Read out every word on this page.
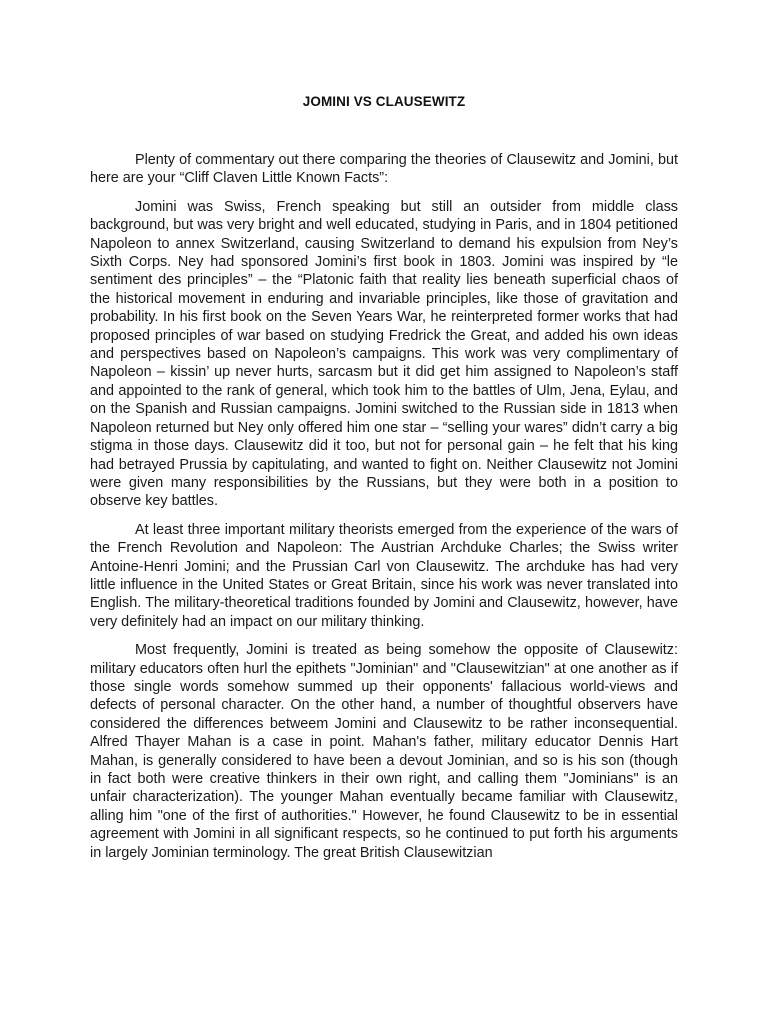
JOMINI VS CLAUSEWITZ

Plenty of commentary out there comparing the theories of Clausewitz and Jomini, but here are your “Cliff Claven Little Known Facts”:

Jomini was Swiss, French speaking but still an outsider from middle class background, but was very bright and well educated, studying in Paris, and in 1804 petitioned Napoleon to annex Switzerland, causing Switzerland to demand his expulsion from Ney’s Sixth Corps. Ney had sponsored Jomini’s first book in 1803. Jomini was inspired by “le sentiment des principles” – the “Platonic faith that reality lies beneath superficial chaos of the historical movement in enduring and invariable principles, like those of gravitation and probability. In his first book on the Seven Years War, he reinterpreted former works that had proposed principles of war based on studying Fredrick the Great, and added his own ideas and perspectives based on Napoleon’s campaigns. This work was very complimentary of Napoleon – kissin’ up never hurts, sarcasm but it did get him assigned to Napoleon’s staff and appointed to the rank of general, which took him to the battles of Ulm, Jena, Eylau, and on the Spanish and Russian campaigns. Jomini switched to the Russian side in 1813 when Napoleon returned but Ney only offered him one star – “selling your wares” didn’t carry a big stigma in those days. Clausewitz did it too, but not for personal gain – he felt that his king had betrayed Prussia by capitulating, and wanted to fight on. Neither Clausewitz not Jomini were given many responsibilities by the Russians, but they were both in a position to observe key battles.

At least three important military theorists emerged from the experience of the wars of the French Revolution and Napoleon: The Austrian Archduke Charles; the Swiss writer Antoine-Henri Jomini; and the Prussian Carl von Clausewitz. The archduke has had very little influence in the United States or Great Britain, since his work was never translated into English. The military-theoretical traditions founded by Jomini and Clausewitz, however, have very definitely had an impact on our military thinking.

Most frequently, Jomini is treated as being somehow the opposite of Clausewitz: military educators often hurl the epithets "Jominian" and "Clausewitzian" at one another as if those single words somehow summed up their opponents' fallacious world-views and defects of personal character. On the other hand, a number of thoughtful observers have considered the differences betweem Jomini and Clausewitz to be rather inconsequential. Alfred Thayer Mahan is a case in point. Mahan's father, military educator Dennis Hart Mahan, is generally considered to have been a devout Jominian, and so is his son (though in fact both were creative thinkers in their own right, and calling them "Jominians" is an unfair characterization). The younger Mahan eventually became familiar with Clausewitz, alling him "one of the first of authorities." However, he found Clausewitz to be in essential agreement with Jomini in all significant respects, so he continued to put forth his arguments in largely Jominian terminology. The great British Clausewitzian
